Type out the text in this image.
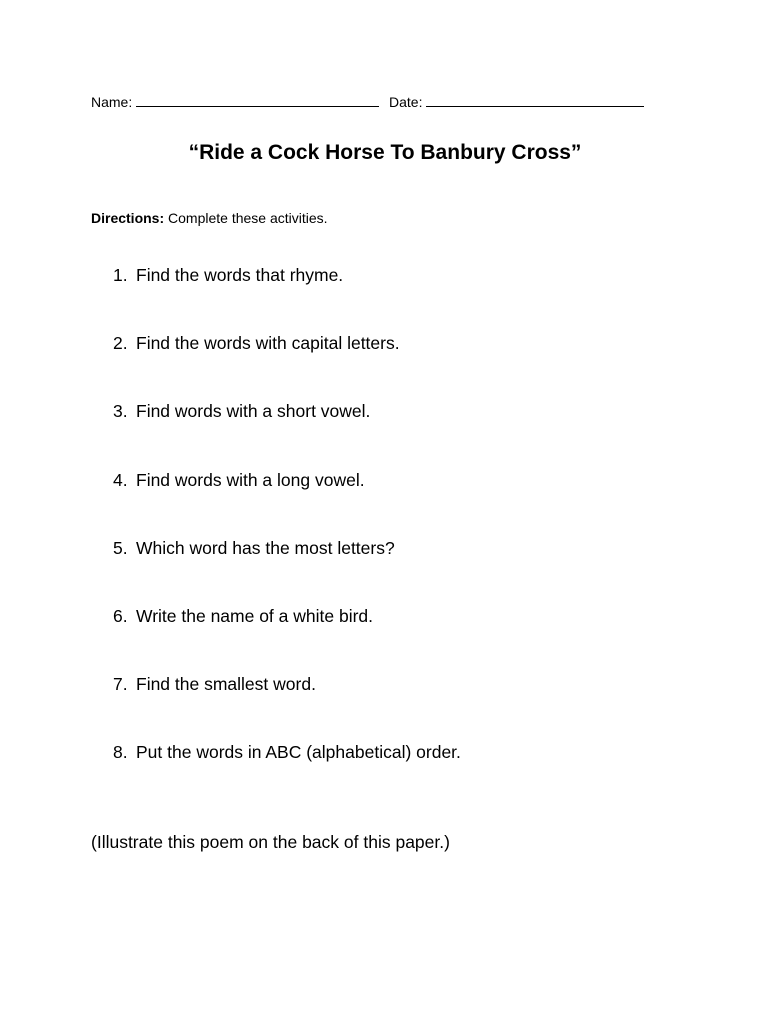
Name:	Date:
“Ride a Cock Horse To Banbury Cross”
Directions: Complete these activities.
1. Find the words that rhyme.
2. Find the words with capital letters.
3. Find words with a short vowel.
4. Find words with a long vowel.
5. Which word has the most letters?
6. Write the name of a white bird.
7. Find the smallest word.
8. Put the words in ABC (alphabetical) order.
(Illustrate this poem on the back of this paper.)
